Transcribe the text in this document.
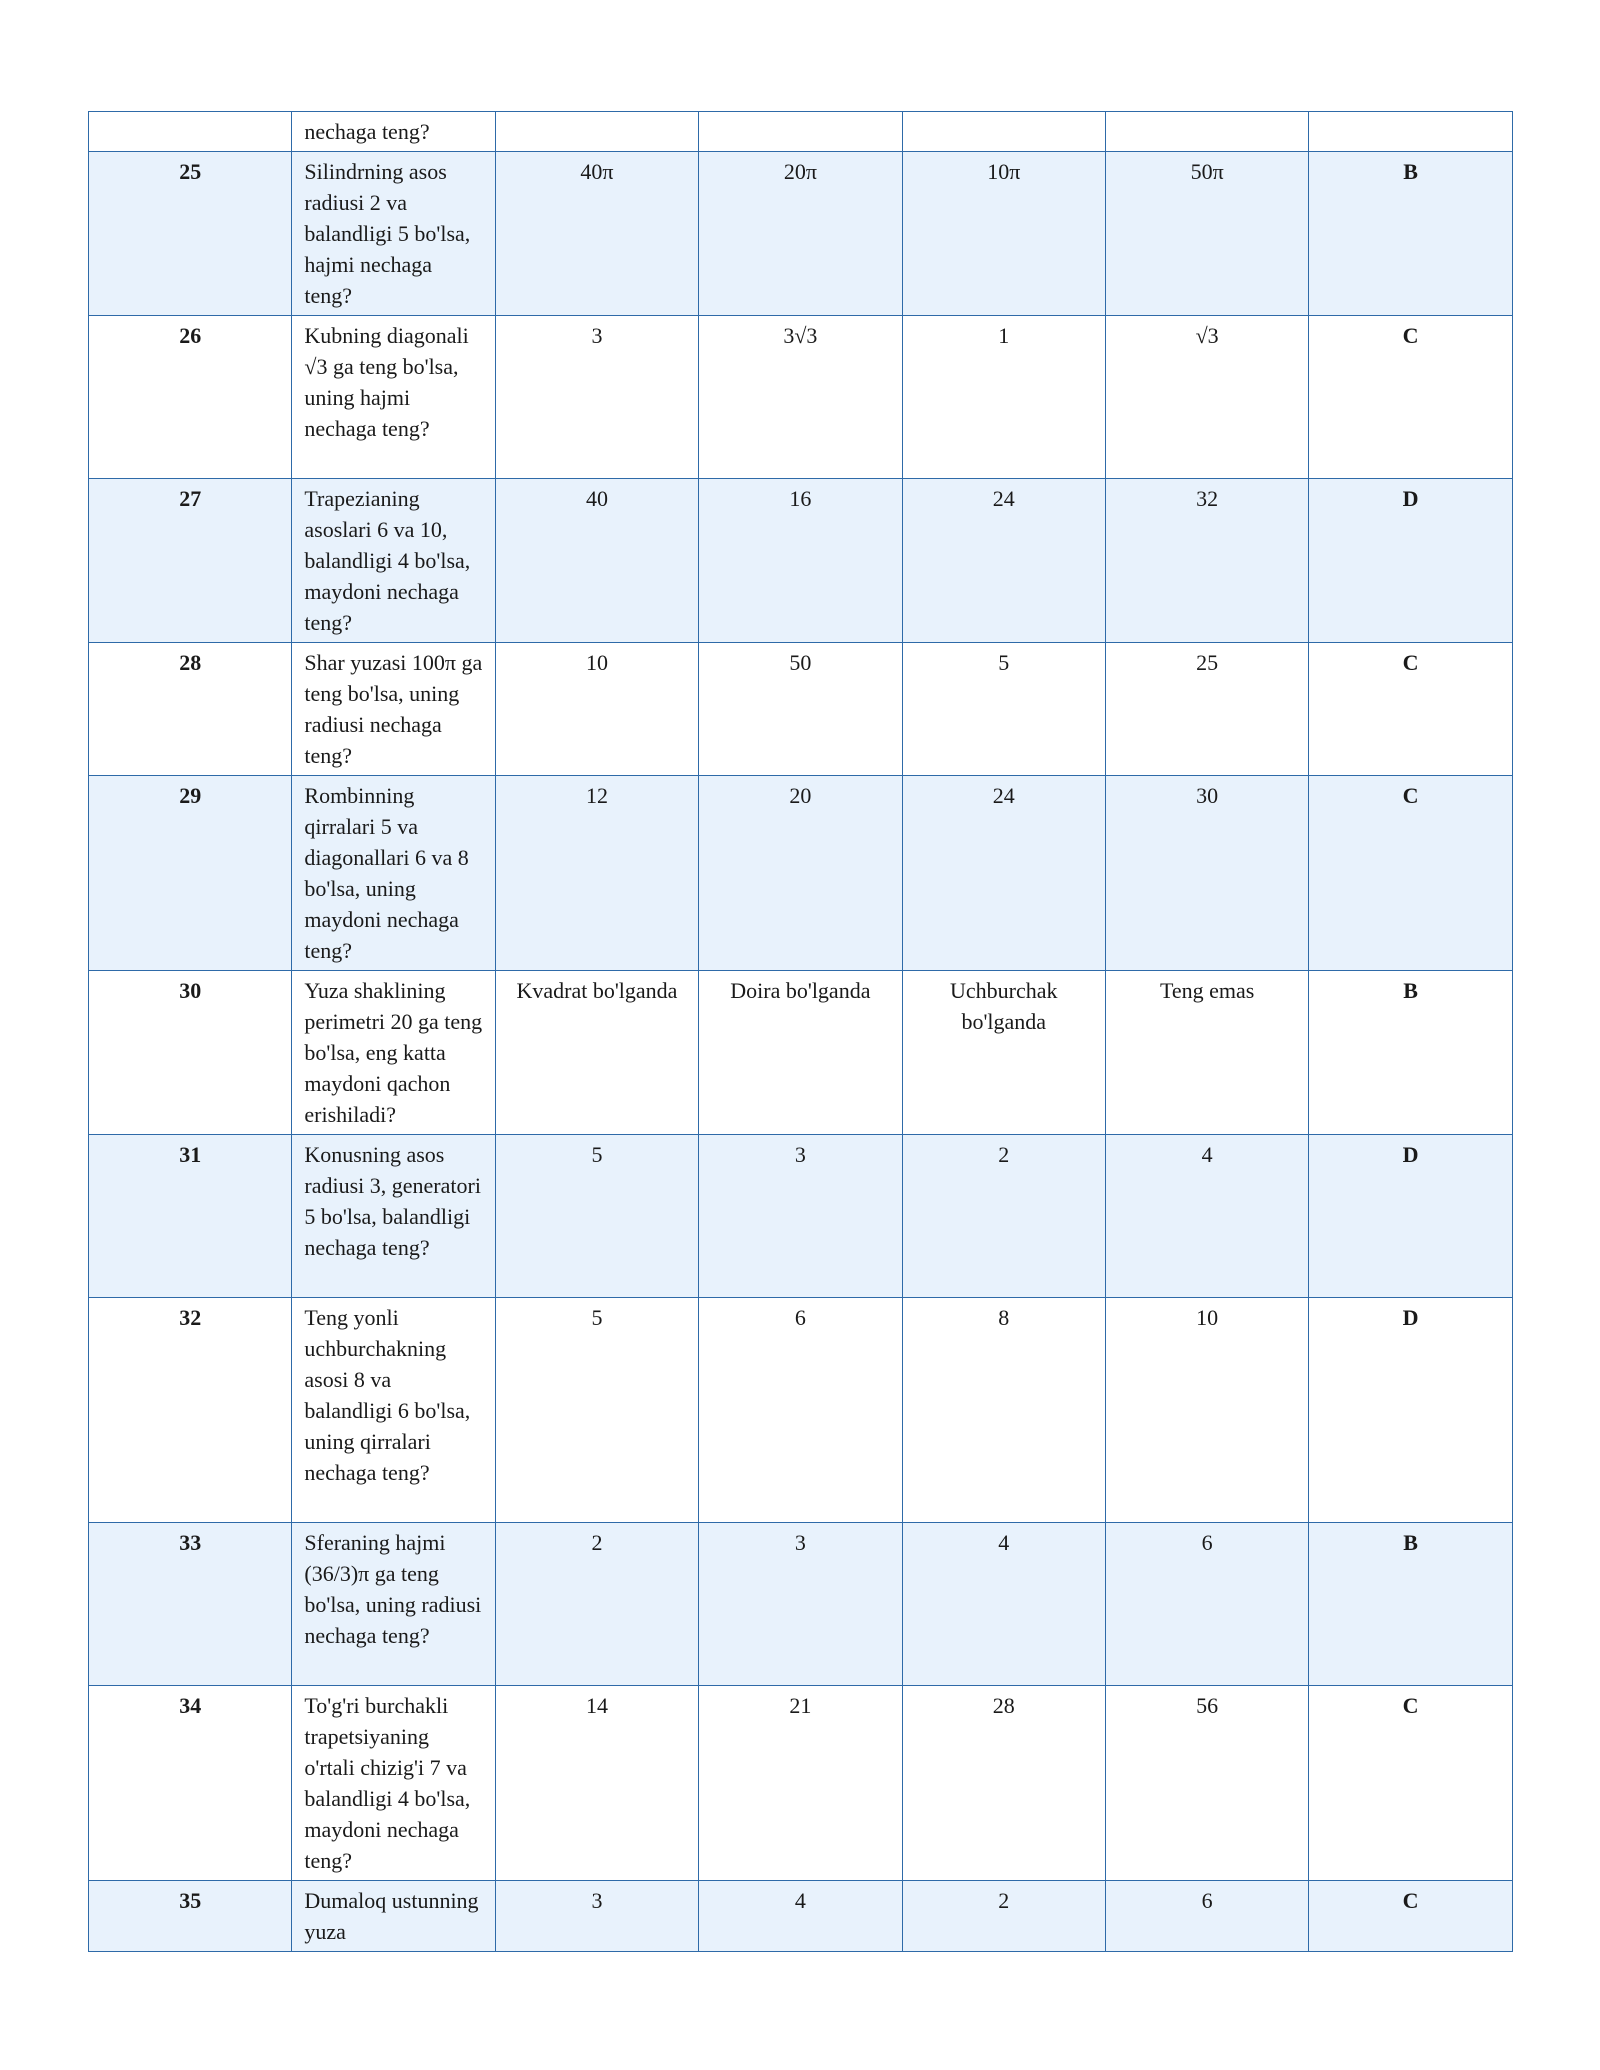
	nechaga teng?					
25	Silindrning asos radiusi 2 va balandligi 5 bo'lsa, hajmi nechaga teng?	40π	20π	10π	50π	B
26	Kubning diagonali √3 ga teng bo'lsa, uning hajmi nechaga teng?	3	3√3	1	√3	C
27	Trapezianing asoslari 6 va 10, balandligi 4 bo'lsa, maydoni nechaga teng?	40	16	24	32	D
28	Shar yuzasi 100π ga teng bo'lsa, uning radiusi nechaga teng?	10	50	5	25	C
29	Rombinning qirralari 5 va diagonallari 6 va 8 bo'lsa, uning maydoni nechaga teng?	12	20	24	30	C
30	Yuza shaklining perimetri 20 ga teng bo'lsa, eng katta maydoni qachon erishiladi?	Kvadrat bo'lganda	Doira bo'lganda	Uchburchak bo'lganda	Teng emas	B
31	Konusning asos radiusi 3, generatori 5 bo'lsa, balandligi nechaga teng?	5	3	2	4	D
32	Teng yonli uchburchakning asosi 8 va balandligi 6 bo'lsa, uning qirralari nechaga teng?	5	6	8	10	D
33	Sferaning hajmi (36/3)π ga teng bo'lsa, uning radiusi nechaga teng?	2	3	4	6	B
34	To'g'ri burchakli trapetsiyaning o'rtali chizig'i 7 va balandligi 4 bo'lsa, maydoni nechaga teng?	14	21	28	56	C
35	Dumaloq ustunning yuza	3	4	2	6	C
